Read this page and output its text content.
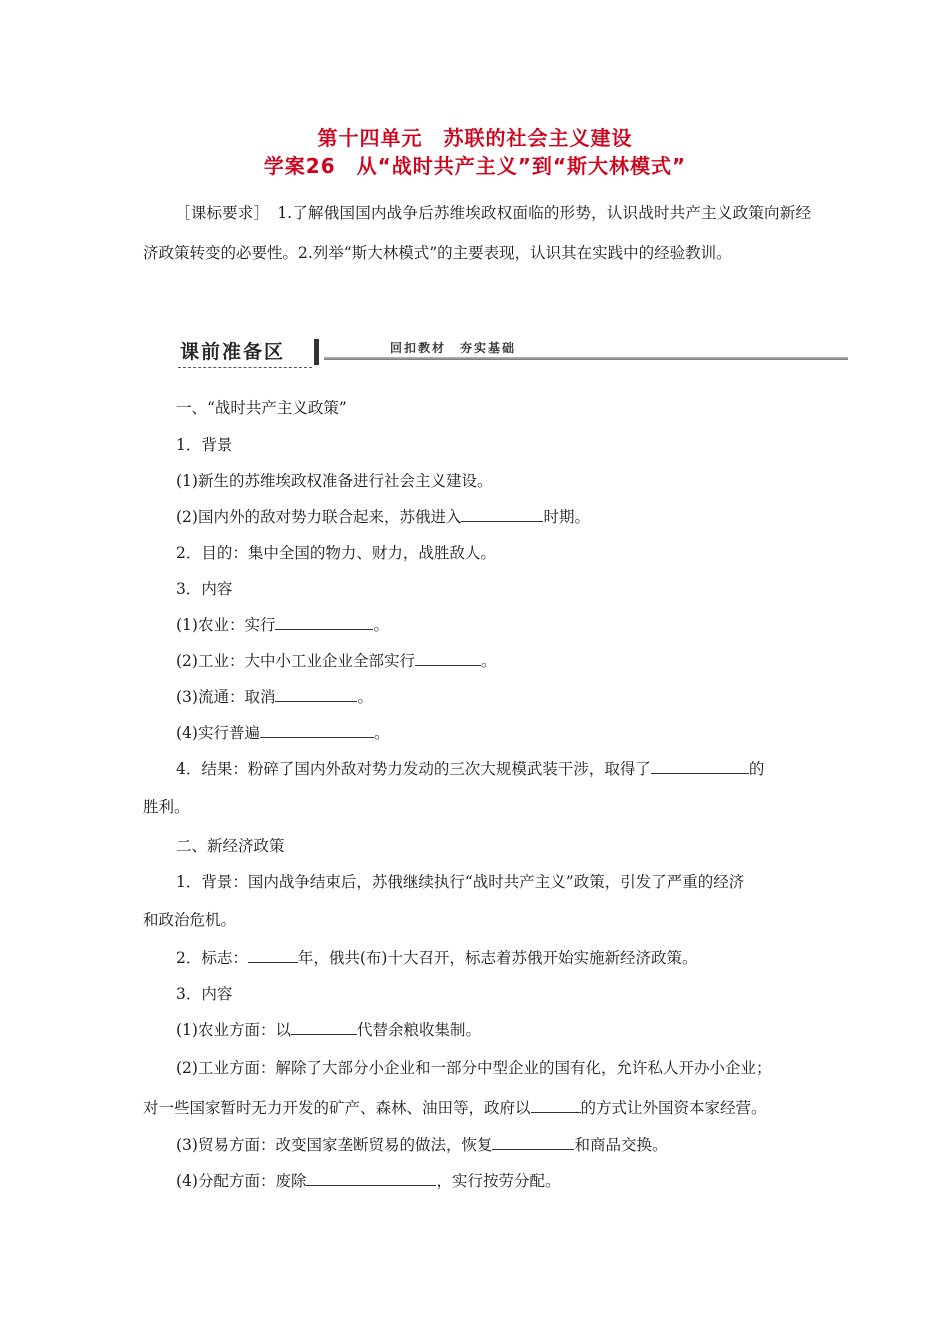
第十四单元　苏联的社会主义建设
学案26　从“战时共产主义”到“斯大林模式”
［课标要求］　1.了解俄国国内战争后苏维埃政权面临的形势，认识战时共产主义政策向新经济政策转变的必要性。2.列举“斯大林模式”的主要表现，认识其在实践中的经验教训。
课前准备区	回扣教材　夯实基础
一、“战时共产主义政策”
1．背景
(1)新生的苏维埃政权准备进行社会主义建设。
(2)国内外的敌对势力联合起来，苏俄进入	时期。
2．目的：集中全国的物力、财力，战胜敌人。
3．内容
(1)农业：实行	。
(2)工业：大中小工业企业全部实行	。
(3)流通：取消	。
(4)实行普遍	。
4．结果：粉碎了国内外敌对势力发动的三次大规模武装干涉，取得了	的
胜利。
二、新经济政策
1．背景：国内战争结束后，苏俄继续执行“战时共产主义”政策，引发了严重的经济
和政治危机。
2．标志：	年，俄共(布)十大召开，标志着苏俄开始实施新经济政策。
3．内容
(1)农业方面：以	代替余粮收集制。
(2)工业方面：解除了大部分小企业和一部分中型企业的国有化，允许私人开办小企业；
对一些国家暂时无力开发的矿产、森林、油田等，政府以	的方式让外国资本家经营。
(3)贸易方面：改变国家垄断贸易的做法，恢复	和商品交换。
(4)分配方面：废除	，实行按劳分配。
